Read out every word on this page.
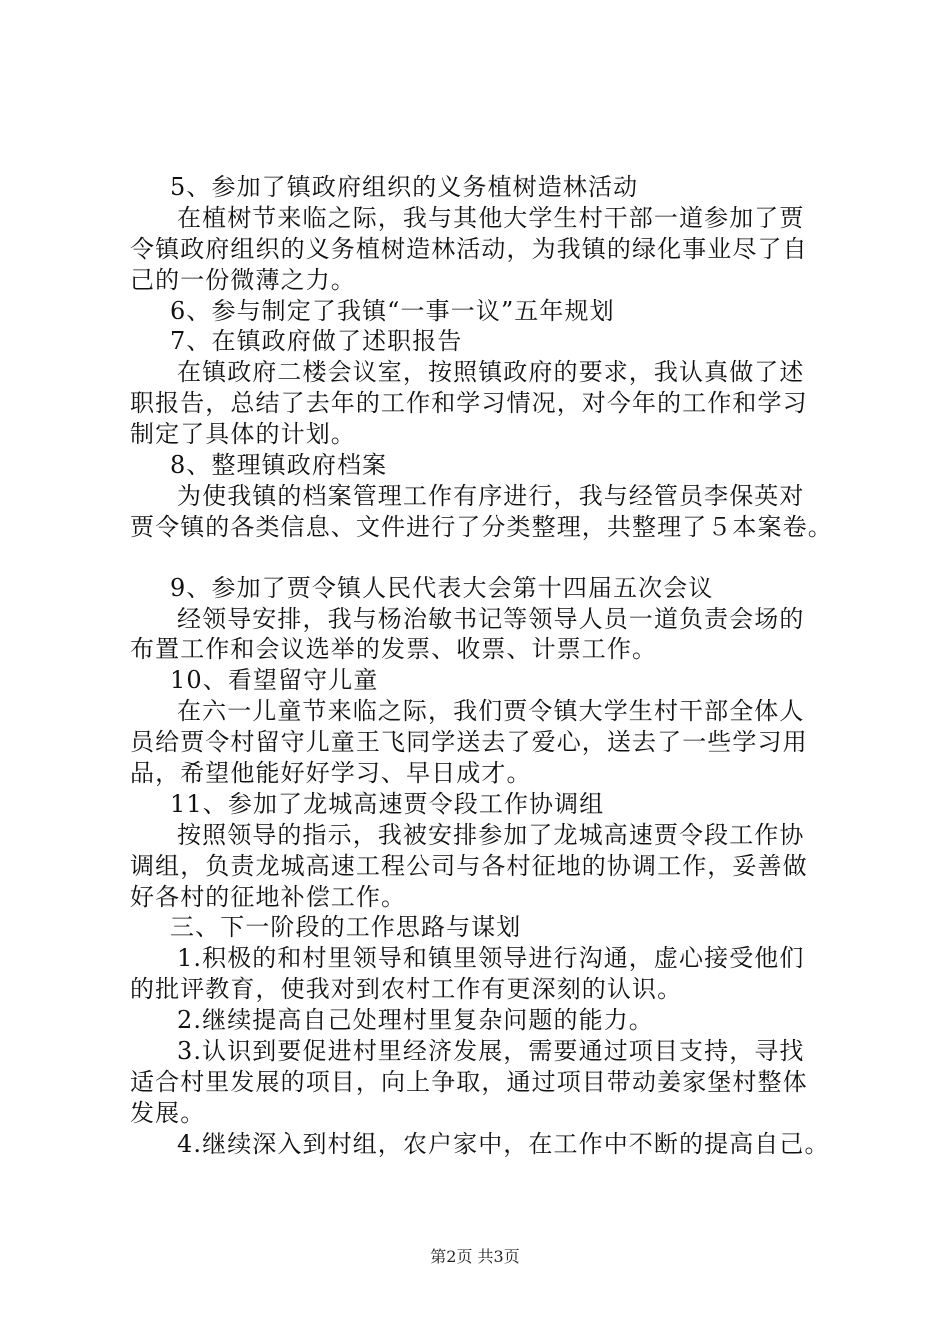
5、参加了镇政府组织的义务植树造林活动
在植树节来临之际，我与其他大学生村干部一道参加了贾
令镇政府组织的义务植树造林活动，为我镇的绿化事业尽了自
己的一份微薄之力。
6、参与制定了我镇“一事一议”五年规划
7、在镇政府做了述职报告
在镇政府二楼会议室，按照镇政府的要求，我认真做了述
职报告，总结了去年的工作和学习情况，对今年的工作和学习
制定了具体的计划。
8、整理镇政府档案
为使我镇的档案管理工作有序进行，我与经管员李保英对
贾令镇的各类信息、文件进行了分类整理，共整理了５本案卷。
9、参加了贾令镇人民代表大会第十四届五次会议
经领导安排，我与杨治敏书记等领导人员一道负责会场的
布置工作和会议选举的发票、收票、计票工作。
10、看望留守儿童
在六一儿童节来临之际，我们贾令镇大学生村干部全体人
员给贾令村留守儿童王飞同学送去了爱心，送去了一些学习用
品，希望他能好好学习、早日成才。
11、参加了龙城高速贾令段工作协调组
按照领导的指示，我被安排参加了龙城高速贾令段工作协
调组，负责龙城高速工程公司与各村征地的协调工作，妥善做
好各村的征地补偿工作。
三、下一阶段的工作思路与谋划
1.积极的和村里领导和镇里领导进行沟通，虚心接受他们
的批评教育，使我对到农村工作有更深刻的认识。
2.继续提高自己处理村里复杂问题的能力。
3.认识到要促进村里经济发展，需要通过项目支持，寻找
适合村里发展的项目，向上争取，通过项目带动姜家堡村整体
发展。
4.继续深入到村组，农户家中，在工作中不断的提高自己。
第2页 共3页
